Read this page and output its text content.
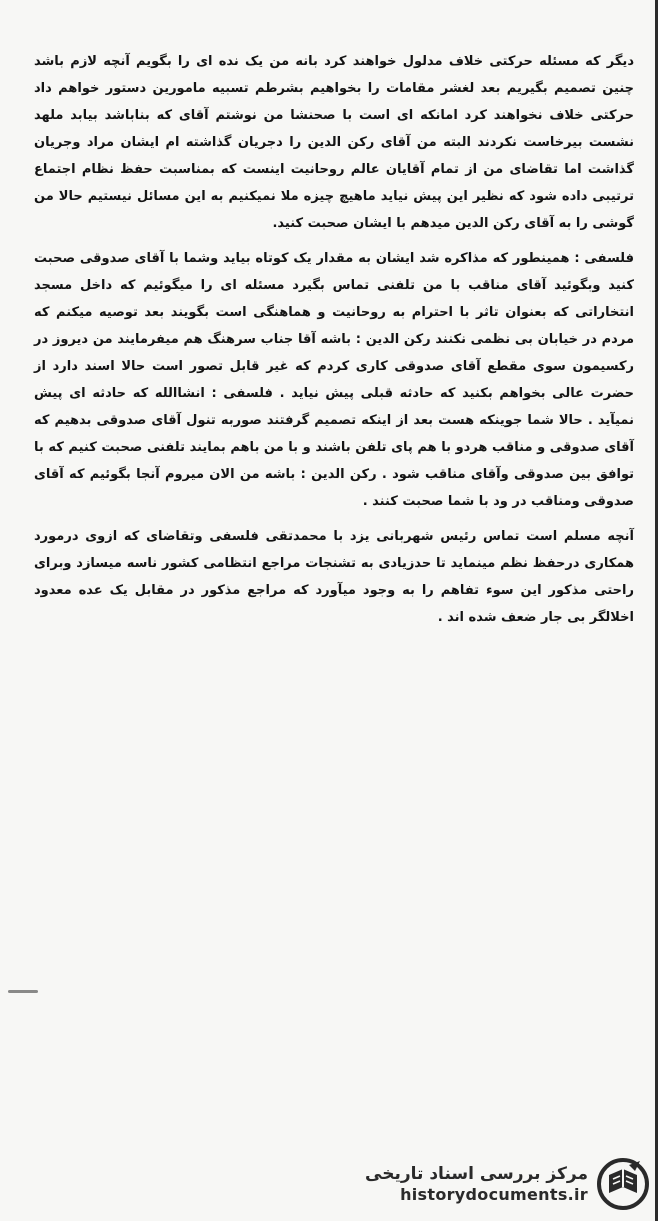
دیگر که مسئله حرکتی خلاف مدلول خواهند کرد بانه من یک نده ای را بگویم آنچه لازم باشد چنین تصمیم بگیریم بعد لغشر مقامات را بخواهیم بشرطم تسبیه مامورین دستور خواهم داد حرکتی خلاف نخواهند کرد امانکه ای است با صحنشا من نوشتم آقای که بناباشد بیابد ملهد نشست بیرخاست نکردند البته من آقای رکن الدین را دجریان گذاشته ام ایشان مراد وجریان گذاشت اما تقاضای من از تمام آقایان عالم روحانیت اینست که بمناسبت حفظ نظام اجتماع ترتیبی داده شود که نظیر این پیش نیاید ماهیچ چیزه ملا نمیکنیم به این مسائل نیستیم حالا من گوشی را به آقای رکن الدین میدهم با ایشان صحبت کنید.

فلسفی : همینطور که مذاکره شد ایشان به مقدار یک کوتاه بیاید وشما با آقای صدوقی صحبت کنید وبگوئید آقای مناقب با من تلفنی تماس بگیرد مسئله ای را میگوئیم که داخل مسجد انتخاراتی که بعنوان تاثر با احترام به روحانیت و هماهنگی است بگویند بعد توصیه میکنم که مردم در خیابان بی نظمی نکنند رکن الدین : باشه آقا جناب سرهنگ هم میفرمایند من دیروز در رکسیمون سوی مقطع آقای صدوقی کاری کردم که غیر قابل تصور است حالا اسند دارد از حضرت عالی بخواهم بکنید که حادثه قبلی پیش نیاید . فلسفی : انشاالله که حادثه ای پیش نمیآید . حالا شما جوینکه هست بعد از اینکه تصمیم گرفتند صوربه تنول آقای صدوقی بدهیم که آقای صدوقی و مناقب هردو با هم پای تلفن باشند و با من باهم بمایند تلفنی صحبت کنیم که با توافق بین صدوقی وآقای مناقب شود . رکن الدین : باشه من الان میروم آنجا بگوئیم که آقای صدوقی ومناقب در ود با شما صحبت کنند .

آنچه مسلم است تماس رئیس شهربانی یزد با محمدتقی فلسفی وتقاضای که ازوی درمورد همکاری درحفظ نظم مینماید تا حدزیادی به تشنجات مراجع انتظامی کشور ناسه میسازد وبرای راحتی مذکور این سوء تفاهم را به وجود میآورد که مراجع مذکور در مقابل یک عده معدود اخلالگر بی جار ضعف شده اند .

مرکز بررسی اسناد تاریخی
historydocuments.ir
